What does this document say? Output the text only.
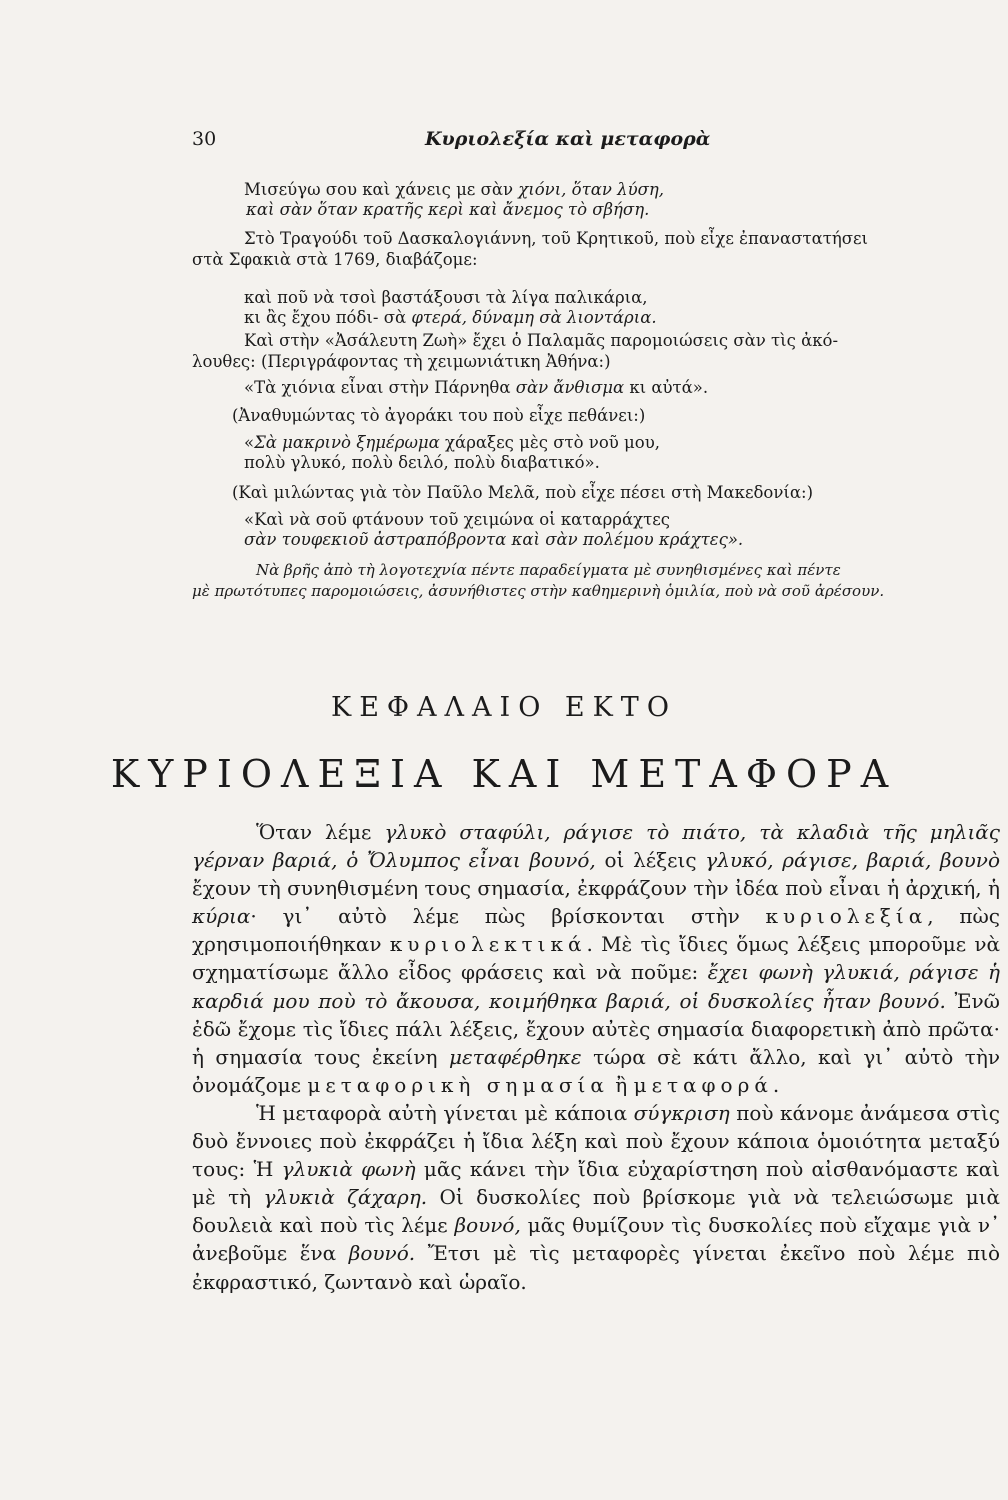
30	Κυριολεξία καὶ μεταφορὰ
Μισεύγω σου καὶ χάνεις με σὰν χιόνι, ὅταν λύση,
καὶ σὰν ὅταν κρατῆς κερὶ καὶ ἄνεμος τὸ σβήση.

Στὸ Τραγούδι τοῦ Δασκαλογιάννη, τοῦ Κρητικοῦ, ποὺ εἶχε ἐπαναστατήσει

στὰ Σφακιὰ στὰ 1769, διαβάζομε:

καὶ ποῦ νὰ τσοὶ βαστάξουσι τὰ λίγα παλικάρια,
κι ἂς ἔχου πόδι‑ σὰ φτερά, δύναμη σὰ λιοντάρια.

Καὶ στὴν «Ἀσάλευτη Ζωὴ» ἔχει ὁ Παλαμᾶς παρομοιώσεις σὰν τὶς ἀκό-

λουθες: (Περιγράφοντας τὴ χειμωνιάτικη Ἀθήνα:)

«Τὰ χιόνια εἶναι στὴν Πάρνηθα σὰν ἄνθισμα κι αὐτά».

(Ἀναθυμώντας τὸ ἀγοράκι του ποὺ εἶχε πεθάνει:)

«Σὰ μακρινὸ ξημέρωμα χάραξες μὲς στὸ νοῦ μου,
πολὺ γλυκό, πολὺ δειλό, πολὺ διαβατικό».

(Καὶ μιλώντας γιὰ τὸν Παῦλο Μελᾶ, ποὺ εἶχε πέσει στὴ Μακεδονία:)

«Καὶ νὰ σοῦ φτάνουν τοῦ χειμώνα οἱ καταρράχτες
σὰν τουφεκιοῦ ἀστραπόβροντα καὶ σὰν πολέμου κράχτες».
Νὰ βρῆς ἀπὸ τὴ λογοτεχνία πέντε παραδείγματα μὲ συνηθισμένες καὶ πέντε
μὲ πρωτότυπες παρομοιώσεις, ἀσυνήθιστες στὴν καθημερινὴ ὁμιλία, ποὺ νὰ σοῦ ἀρέσουν.
ΚΕΦΑΛΑΙΟ ΕΚΤΟ
ΚΥΡΙΟΛΕΞΙΑ ΚΑΙ ΜΕΤΑΦΟΡΑ

Ὅταν λέμε γλυκὸ σταφύλι, ράγισε τὸ πιάτο, τὰ κλαδιὰ τῆς μηλιᾶς γέρναν βαριά, ὁ Ὄλυμπος εἶναι βουνό, οἱ λέξεις γλυκό, ράγισε, βαριά, βουνὸ ἔχουν τὴ συνηθισμένη τους σημασία, ἐκφράζουν τὴν ἰδέα ποὺ εἶναι ἡ ἀρχική, ἡ κύρια· γι᾿ αὐτὸ λέμε πὼς βρίσκονται στὴν κυριολεξία, πὼς χρησιμοποιήθηκαν κυριολεκτικά. Μὲ τὶς ἴδιες ὅμως λέξεις μποροῦμε νὰ σχηματίσωμε ἄλλο εἶδος φράσεις καὶ νὰ ποῦμε: ἔχει φωνὴ γλυκιά, ράγισε ἡ καρδιά μου ποὺ τὸ ἄκουσα, κοιμήθηκα βαριά, οἱ δυσκολίες ἦταν βουνό. Ἐνῶ ἐδῶ ἔχομε τὶς ἴδιες πάλι λέξεις, ἔχουν αὐτὲς σημασία διαφορετικὴ ἀπὸ πρῶτα· ἡ σημασία τους ἐκείνη μεταφέρθηκε τώρα σὲ κάτι ἄλλο, καὶ γι᾿ αὐτὸ τὴν ὀνομάζομε μεταφορικὴ σημασία ἢ μεταφορά.

Ἡ μεταφορὰ αὐτὴ γίνεται μὲ κάποια σύγκριση ποὺ κάνομε ἀνάμεσα στὶς δυὸ ἔννοιες ποὺ ἐκφράζει ἡ ἴδια λέξη καὶ ποὺ ἔχουν κάποια ὁμοιότητα μεταξύ τους: Ἡ γλυκιὰ φωνὴ μᾶς κάνει τὴν ἴδια εὐχαρίστηση ποὺ αἰσθανόμαστε καὶ μὲ τὴ γλυκιὰ ζάχαρη. Οἱ δυσκολίες ποὺ βρίσκομε γιὰ νὰ τελειώσωμε μιὰ δουλειὰ καὶ ποὺ τὶς λέμε βουνό, μᾶς θυμίζουν τὶς δυσκολίες ποὺ εἴχαμε γιὰ ν᾿ ἀνεβοῦμε ἕνα βουνό. Ἔτσι μὲ τὶς μεταφορὲς γίνεται ἐκεῖνο ποὺ λέμε πιὸ ἐκφραστικό, ζωντανὸ καὶ ὡραῖο.
